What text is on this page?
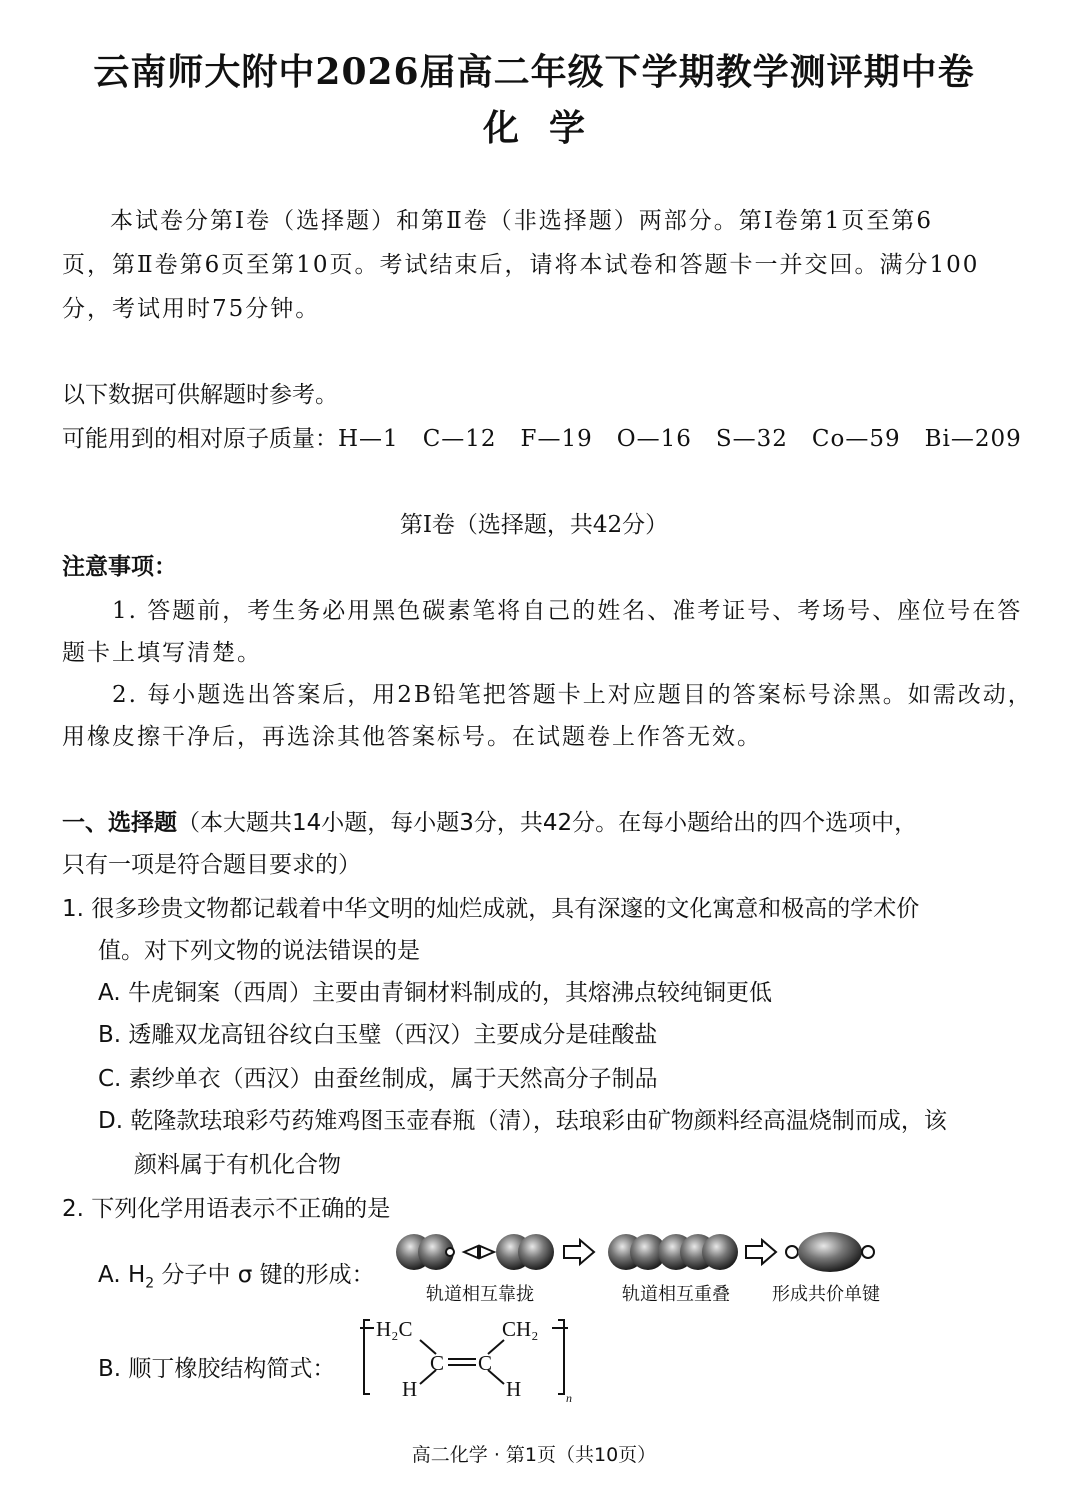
云南师大附中2026届高二年级下学期教学测评期中卷
化学
本试卷分第Ⅰ卷（选择题）和第Ⅱ卷（非选择题）两部分。第Ⅰ卷第1页至第6
页，第Ⅱ卷第6页至第10页。考试结束后，请将本试卷和答题卡一并交回。满分100
分，考试用时75分钟。
以下数据可供解题时参考。
可能用到的相对原子质量：H—1　C—12　F—19　O—16　S—32　Co—59　Bi—209
第Ⅰ卷（选择题，共42分）
注意事项：
1. 答题前，考生务必用黑色碳素笔将自己的姓名、准考证号、考场号、座位号在答
题卡上填写清楚。
2. 每小题选出答案后，用2B铅笔把答题卡上对应题目的答案标号涂黑。如需改动，
用橡皮擦干净后，再选涂其他答案标号。在试题卷上作答无效。
一、选择题（本大题共14小题，每小题3分，共42分。在每小题给出的四个选项中，
只有一项是符合题目要求的）
1. 很多珍贵文物都记载着中华文明的灿烂成就，具有深邃的文化寓意和极高的学术价
值。对下列文物的说法错误的是
A. 牛虎铜案（西周）主要由青铜材料制成的，其熔沸点较纯铜更低
B. 透雕双龙高钮谷纹白玉璧（西汉）主要成分是硅酸盐
C. 素纱单衣（西汉）由蚕丝制成，属于天然高分子制品
D. 乾隆款珐琅彩芍药雉鸡图玉壶春瓶（清），珐琅彩由矿物颜料经高温烧制而成，该
颜料属于有机化合物
2. 下列化学用语表示不正确的是
A. $H_2$ 分子中 σ 键的形成：
轨道相互靠拢	轨道相互重叠 形成共价单键
B. 顺丁橡胶结构简式：
H₂C	CH₂
C C
H	H	n
高二化学 · 第1页（共10页）
